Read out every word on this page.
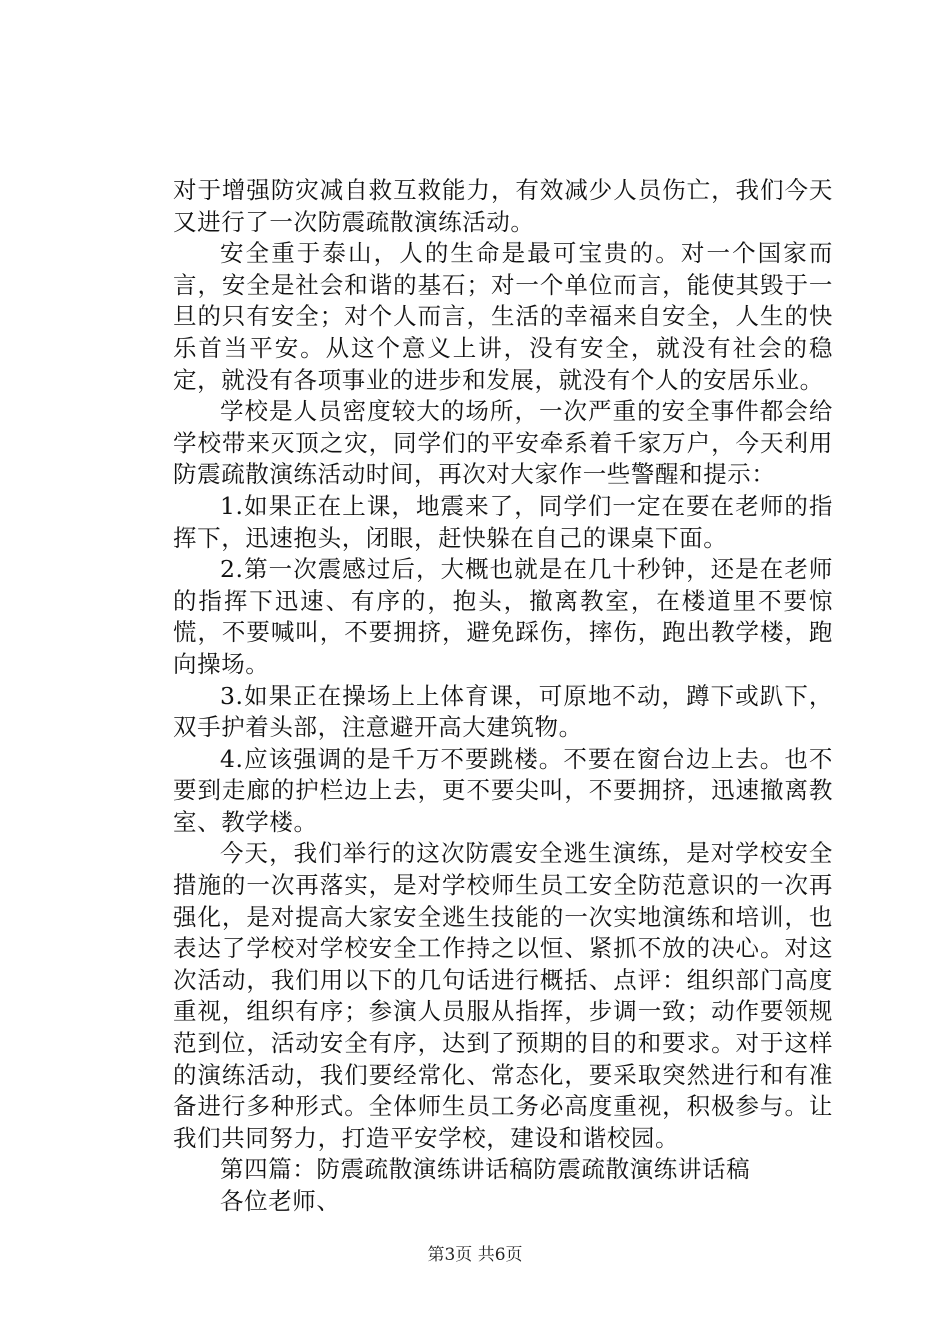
对于增强防灾减自救互救能力，有效减少人员伤亡，我们今天又进行了一次防震疏散演练活动。

安全重于泰山，人的生命是最可宝贵的。对一个国家而言，安全是社会和谐的基石；对一个单位而言，能使其毁于一旦的只有安全；对个人而言，生活的幸福来自安全，人生的快乐首当平安。从这个意义上讲，没有安全，就没有社会的稳定，就没有各项事业的进步和发展，就没有个人的安居乐业。

学校是人员密度较大的场所，一次严重的安全事件都会给学校带来灭顶之灾，同学们的平安牵系着千家万户，今天利用防震疏散演练活动时间，再次对大家作一些警醒和提示：

1.如果正在上课，地震来了，同学们一定在要在老师的指挥下，迅速抱头，闭眼，赶快躲在自己的课桌下面。

2.第一次震感过后，大概也就是在几十秒钟，还是在老师的指挥下迅速、有序的，抱头，撤离教室，在楼道里不要惊慌，不要喊叫，不要拥挤，避免踩伤，摔伤，跑出教学楼，跑向操场。

3.如果正在操场上上体育课，可原地不动，蹲下或趴下，双手护着头部，注意避开高大建筑物。

4.应该强调的是千万不要跳楼。不要在窗台边上去。也不要到走廊的护栏边上去，更不要尖叫，不要拥挤，迅速撤离教室、教学楼。

今天，我们举行的这次防震安全逃生演练，是对学校安全措施的一次再落实，是对学校师生员工安全防范意识的一次再强化，是对提高大家安全逃生技能的一次实地演练和培训，也表达了学校对学校安全工作持之以恒、紧抓不放的决心。对这次活动，我们用以下的几句话进行概括、点评：组织部门高度重视，组织有序；参演人员服从指挥，步调一致；动作要领规范到位，活动安全有序，达到了预期的目的和要求。对于这样的演练活动，我们要经常化、常态化，要采取突然进行和有准备进行多种形式。全体师生员工务必高度重视，积极参与。让我们共同努力，打造平安学校，建设和谐校园。

第四篇：防震疏散演练讲话稿防震疏散演练讲话稿

各位老师、

第3页 共6页
